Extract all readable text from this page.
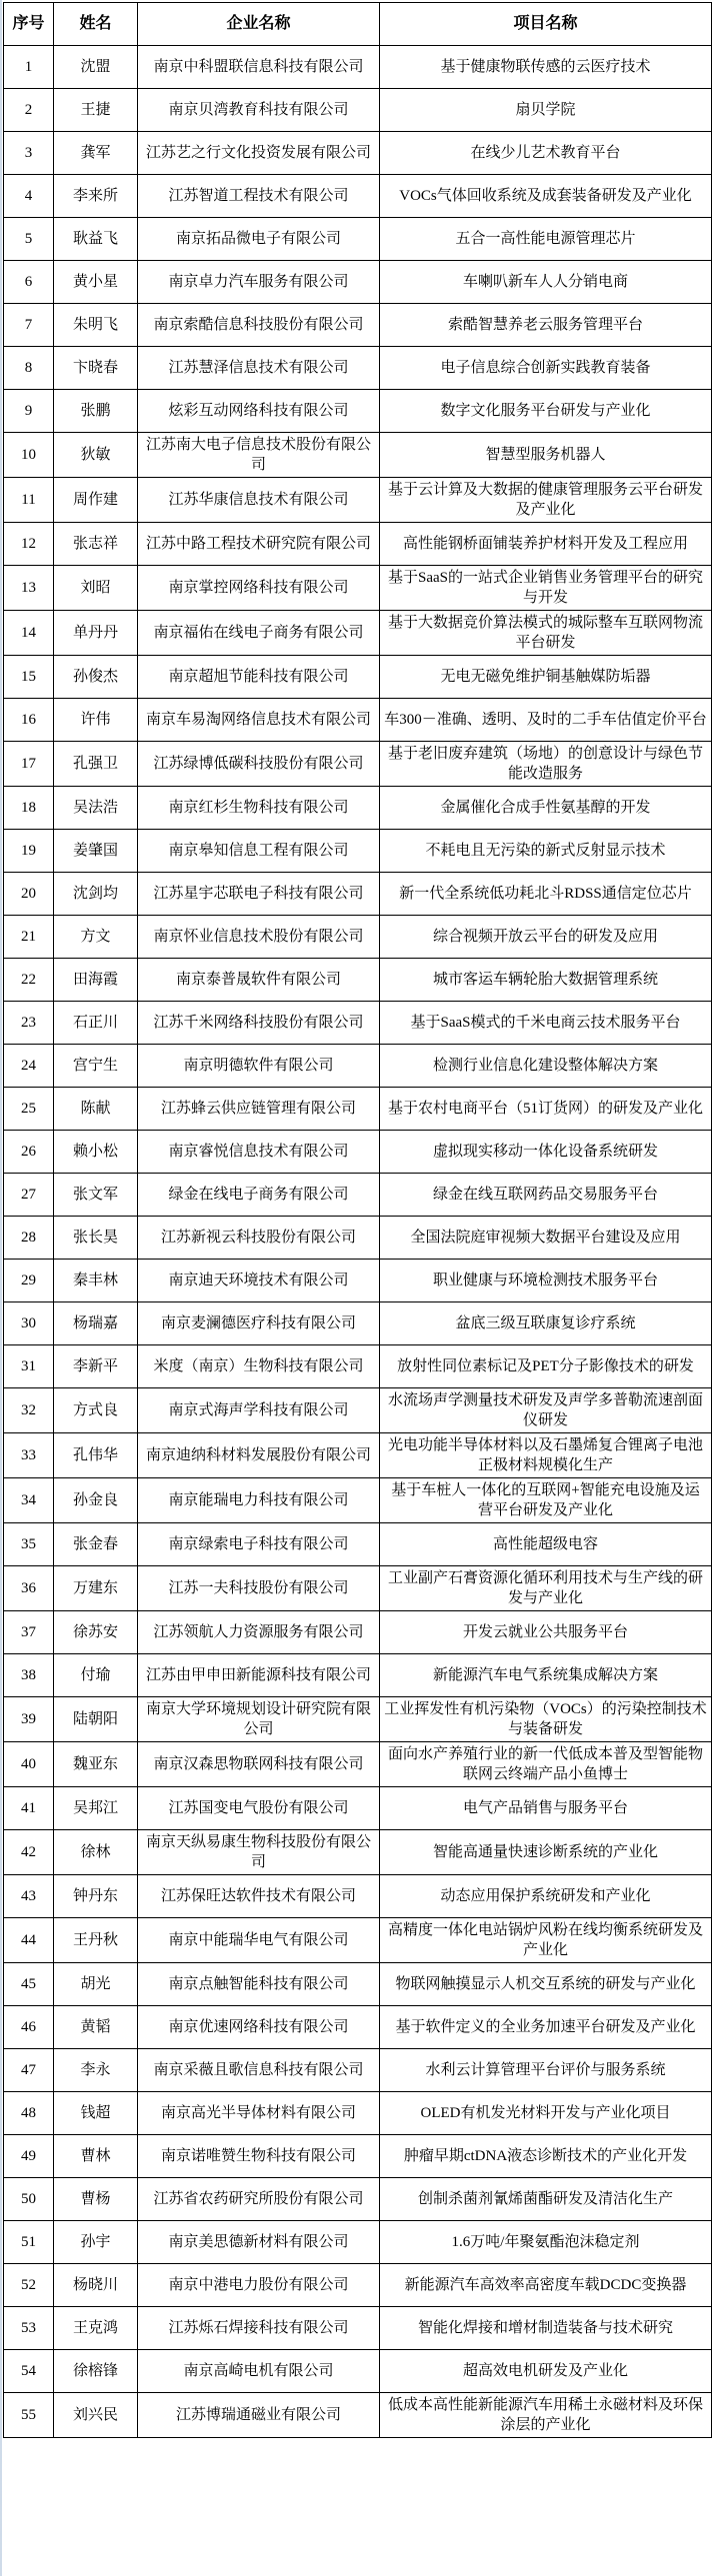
序号	姓名	企业名称	项目名称
1	沈盟	南京中科盟联信息科技有限公司	基于健康物联传感的云医疗技术
2	王捷	南京贝湾教育科技有限公司	扇贝学院
3	龚军	江苏艺之行文化投资发展有限公司	在线少儿艺术教育平台
4	李来所	江苏智道工程技术有限公司	VOCs气体回收系统及成套装备研发及产业化
5	耿益飞	南京拓品微电子有限公司	五合一高性能电源管理芯片
6	黄小星	南京卓力汽车服务有限公司	车喇叭新车人人分销电商
7	朱明飞	南京索酷信息科技股份有限公司	索酷智慧养老云服务管理平台
8	卞晓春	江苏慧泽信息技术有限公司	电子信息综合创新实践教育装备
9	张鹏	炫彩互动网络科技有限公司	数字文化服务平台研发与产业化
10	狄敏	江苏南大电子信息技术股份有限公司	智慧型服务机器人
11	周作建	江苏华康信息技术有限公司	基于云计算及大数据的健康管理服务云平台研发及产业化
12	张志祥	江苏中路工程技术研究院有限公司	高性能钢桥面铺装养护材料开发及工程应用
13	刘昭	南京掌控网络科技有限公司	基于SaaS的一站式企业销售业务管理平台的研究与开发
14	单丹丹	南京福佑在线电子商务有限公司	基于大数据竞价算法模式的城际整车互联网物流平台研发
15	孙俊杰	南京超旭节能科技有限公司	无电无磁免维护铜基触媒防垢器
16	许伟	南京车易淘网络信息技术有限公司	车300－准确、透明、及时的二手车估值定价平台
17	孔强卫	江苏绿博低碳科技股份有限公司	基于老旧废弃建筑（场地）的创意设计与绿色节能改造服务
18	吴法浩	南京红杉生物科技有限公司	金属催化合成手性氨基醇的开发
19	姜肇国	南京皋知信息工程有限公司	不耗电且无污染的新式反射显示技术
20	沈剑均	江苏星宇芯联电子科技有限公司	新一代全系统低功耗北斗RDSS通信定位芯片
21	方文	南京怀业信息技术股份有限公司	综合视频开放云平台的研发及应用
22	田海霞	南京泰普晟软件有限公司	城市客运车辆轮胎大数据管理系统
23	石正川	江苏千米网络科技股份有限公司	基于SaaS模式的千米电商云技术服务平台
24	宫宁生	南京明德软件有限公司	检测行业信息化建设整体解决方案
25	陈献	江苏蜂云供应链管理有限公司	基于农村电商平台（51订货网）的研发及产业化
26	赖小松	南京睿悦信息技术有限公司	虚拟现实移动一体化设备系统研发
27	张文军	绿金在线电子商务有限公司	绿金在线互联网药品交易服务平台
28	张长昊	江苏新视云科技股份有限公司	全国法院庭审视频大数据平台建设及应用
29	秦丰林	南京迪天环境技术有限公司	职业健康与环境检测技术服务平台
30	杨瑞嘉	南京麦澜德医疗科技有限公司	盆底三级互联康复诊疗系统
31	李新平	米度（南京）生物科技有限公司	放射性同位素标记及PET分子影像技术的研发
32	方式良	南京式海声学科技有限公司	水流场声学测量技术研发及声学多普勒流速剖面仪研发
33	孔伟华	南京迪纳科材料发展股份有限公司	光电功能半导体材料以及石墨烯复合锂离子电池正极材料规模化生产
34	孙金良	南京能瑞电力科技有限公司	基于车桩人一体化的互联网+智能充电设施及运营平台研发及产业化
35	张金春	南京绿索电子科技有限公司	高性能超级电容
36	万建东	江苏一夫科技股份有限公司	工业副产石膏资源化循环利用技术与生产线的研发与产业化
37	徐苏安	江苏领航人力资源服务有限公司	开发云就业公共服务平台
38	付瑜	江苏由甲申田新能源科技有限公司	新能源汽车电气系统集成解决方案
39	陆朝阳	南京大学环境规划设计研究院有限公司	工业挥发性有机污染物（VOCs）的污染控制技术与装备研发
40	魏亚东	南京汉森思物联网科技有限公司	面向水产养殖行业的新一代低成本普及型智能物联网云终端产品小鱼博士
41	吴邦江	江苏国变电气股份有限公司	电气产品销售与服务平台
42	徐林	南京天纵易康生物科技股份有限公司	智能高通量快速诊断系统的产业化
43	钟丹东	江苏保旺达软件技术有限公司	动态应用保护系统研发和产业化
44	王丹秋	南京中能瑞华电气有限公司	高精度一体化电站锅炉风粉在线均衡系统研发及产业化
45	胡光	南京点触智能科技有限公司	物联网触摸显示人机交互系统的研发与产业化
46	黄韬	南京优速网络科技有限公司	基于软件定义的全业务加速平台研发及产业化
47	李永	南京采薇且歌信息科技有限公司	水利云计算管理平台评价与服务系统
48	钱超	南京高光半导体材料有限公司	OLED有机发光材料开发与产业化项目
49	曹林	南京诺唯赞生物科技有限公司	肿瘤早期ctDNA液态诊断技术的产业化开发
50	曹杨	江苏省农药研究所股份有限公司	创制杀菌剂氰烯菌酯研发及清洁化生产
51	孙宇	南京美思德新材料有限公司	1.6万吨/年聚氨酯泡沫稳定剂
52	杨晓川	南京中港电力股份有限公司	新能源汽车高效率高密度车载DCDC变换器
53	王克鸿	江苏烁石焊接科技有限公司	智能化焊接和增材制造装备与技术研究
54	徐榕锋	南京高崎电机有限公司	超高效电机研发及产业化
55	刘兴民	江苏博瑞通磁业有限公司	低成本高性能新能源汽车用稀土永磁材料及环保涂层的产业化
